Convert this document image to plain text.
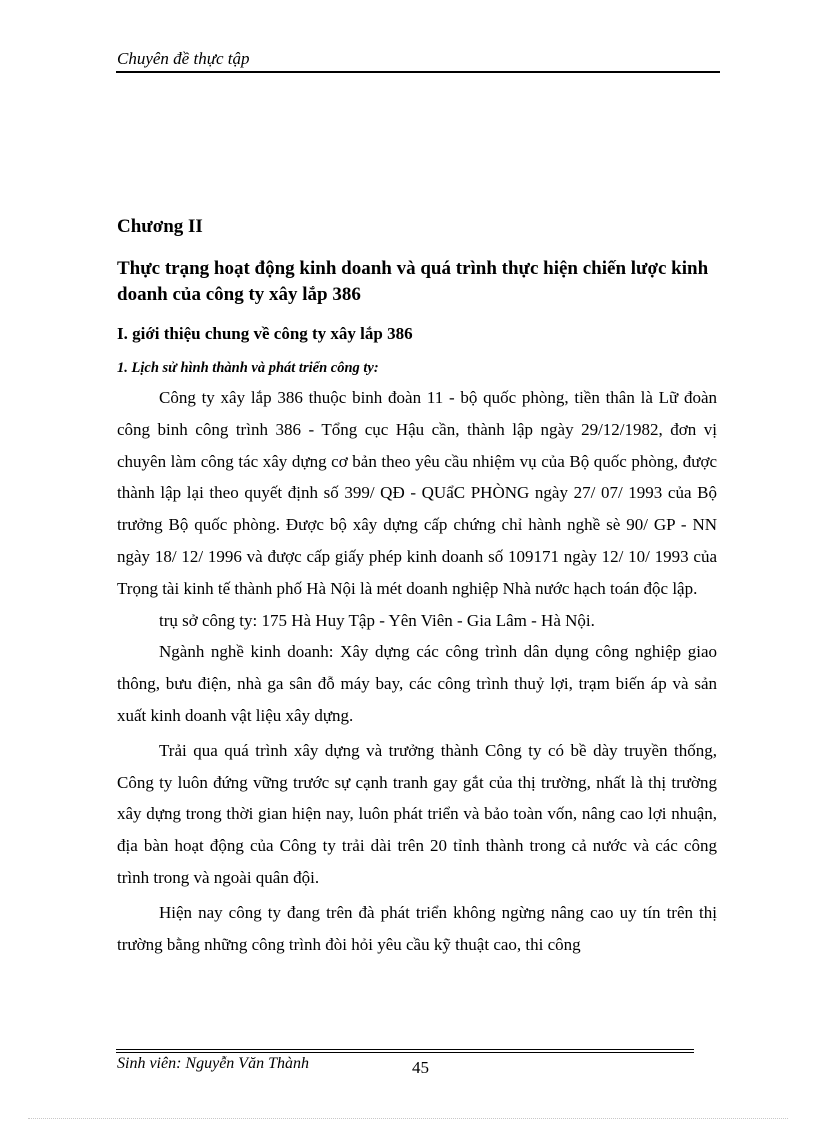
Chuyên đề thực tập
Chương II
Thực trạng hoạt động kinh doanh và quá trình thực hiện chiến lược kinh doanh của công ty xây lắp 386
I. giới thiệu chung về công ty xây lắp 386
1. Lịch sử hình thành và phát triển công ty:

Công ty xây lắp 386 thuộc binh đoàn 11 - bộ quốc phòng, tiền thân là Lữ đoàn công binh công trình 386 - Tổng cục Hậu cần, thành lập ngày 29/12/1982, đơn vị chuyên làm công tác xây dựng cơ bản theo yêu cầu nhiệm vụ của Bộ quốc phòng, được thành lập lại theo quyết định số 399/ QĐ - QUẩC PHÒNG ngày 27/ 07/ 1993 của Bộ trưởng Bộ quốc phòng. Được bộ xây dựng cấp chứng chỉ hành nghề sè 90/ GP - NN ngày 18/ 12/ 1996 và được cấp giấy phép kinh doanh số 109171 ngày 12/ 10/ 1993 của Trọng tài kinh tế thành phố Hà Nội là mét doanh nghiệp Nhà nước hạch toán độc lập.

trụ sở công ty: 175 Hà Huy Tập - Yên Viên - Gia Lâm - Hà Nội.

Ngành nghề kinh doanh: Xây dựng các công trình dân dụng công nghiệp giao thông, bưu điện, nhà ga sân đỗ máy bay, các công trình thuỷ lợi, trạm biến áp và sản xuất kinh doanh vật liệu xây dựng.

Trải qua quá trình xây dựng và trưởng thành Công ty có bề dày truyền thống, Công ty luôn đứng vững trước sự cạnh tranh gay gắt của thị trường, nhất là thị trường xây dựng trong thời gian hiện nay, luôn phát triển và bảo toàn vốn, nâng cao lợi nhuận, địa bàn hoạt động của Công ty trải dài trên 20 tỉnh thành trong cả nước và các công trình trong và ngoài quân đội.

Hiện nay công ty đang trên đà phát triển không ngừng nâng cao uy tín trên thị trường bằng những công trình đòi hỏi yêu cầu kỹ thuật cao, thi công

Sinh viên: Nguyễn Văn Thành	45
